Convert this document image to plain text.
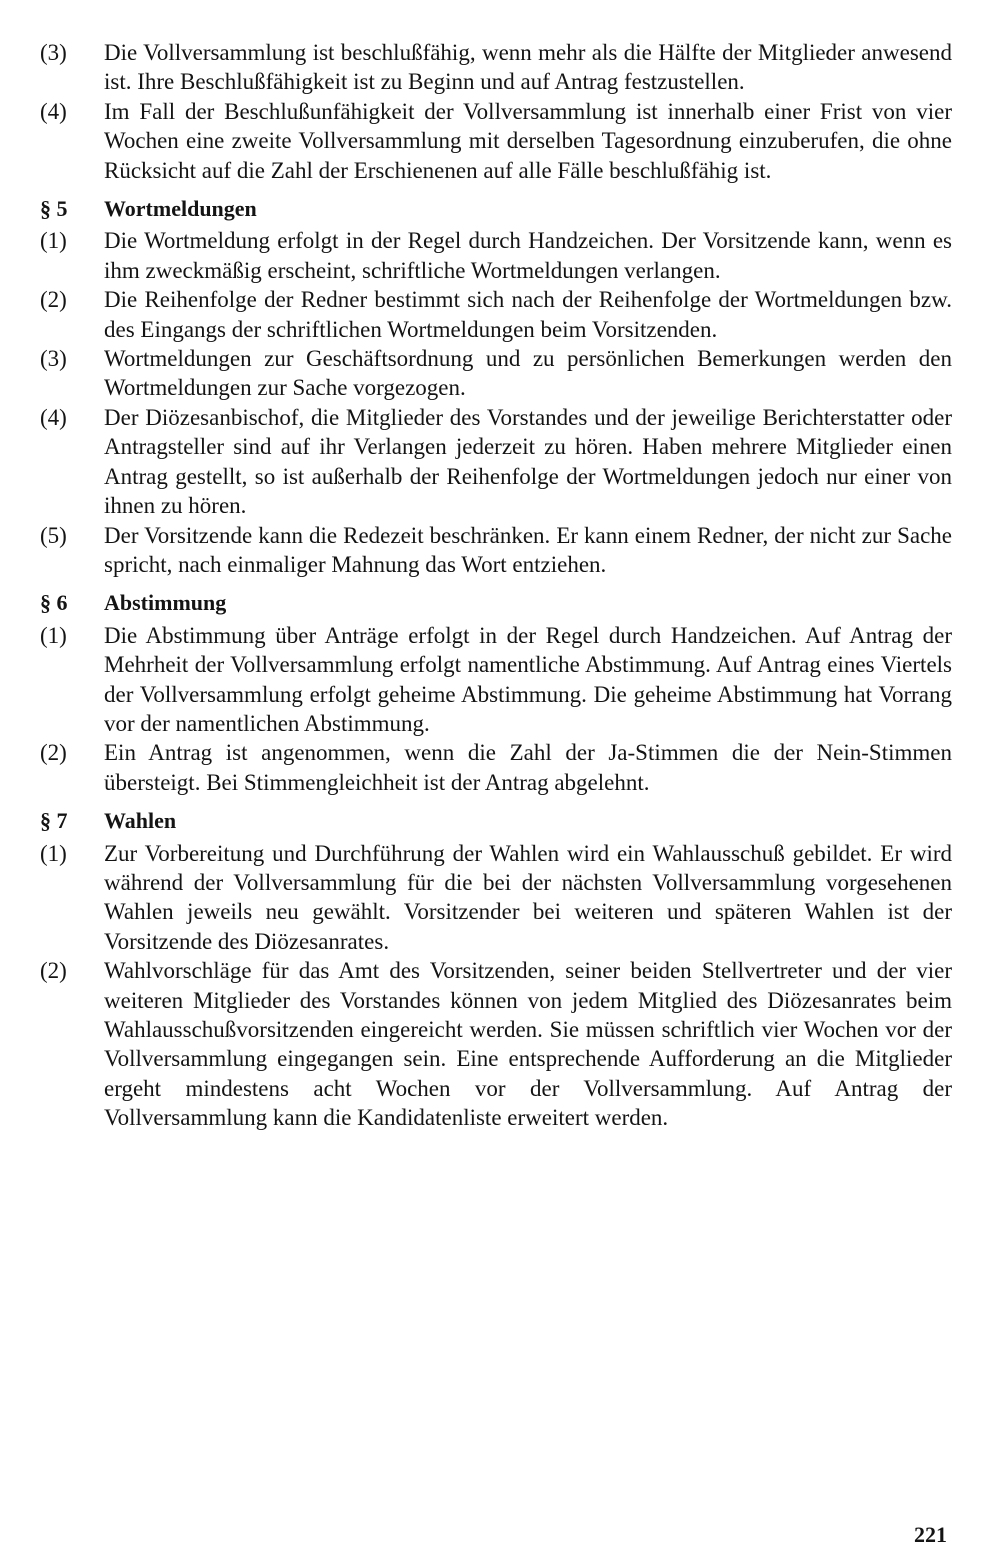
(3)	Die Vollversammlung ist beschlußfähig, wenn mehr als die Hälfte der Mitglieder anwesend ist. Ihre Beschlußfähigkeit ist zu Beginn und auf Antrag festzustellen.
(4)	Im Fall der Beschlußunfähigkeit der Vollversammlung ist innerhalb einer Frist von vier Wochen eine zweite Vollversammlung mit derselben Tagesordnung einzuberufen, die ohne Rücksicht auf die Zahl der Erschienenen auf alle Fälle beschlußfähig ist.
§ 5	Wortmeldungen
(1)	Die Wortmeldung erfolgt in der Regel durch Handzeichen. Der Vorsitzende kann, wenn es ihm zweckmäßig erscheint, schriftliche Wortmeldungen verlangen.
(2)	Die Reihenfolge der Redner bestimmt sich nach der Reihenfolge der Wortmeldungen bzw. des Eingangs der schriftlichen Wortmeldungen beim Vorsitzenden.
(3)	Wortmeldungen zur Geschäftsordnung und zu persönlichen Bemerkungen werden den Wortmeldungen zur Sache vorgezogen.
(4)	Der Diözesanbischof, die Mitglieder des Vorstandes und der jeweilige Berichterstatter oder Antragsteller sind auf ihr Verlangen jederzeit zu hören. Haben mehrere Mitglieder einen Antrag gestellt, so ist außerhalb der Reihenfolge der Wortmeldungen jedoch nur einer von ihnen zu hören.
(5)	Der Vorsitzende kann die Redezeit beschränken. Er kann einem Redner, der nicht zur Sache spricht, nach einmaliger Mahnung das Wort entziehen.
§ 6	Abstimmung
(1)	Die Abstimmung über Anträge erfolgt in der Regel durch Handzeichen. Auf Antrag der Mehrheit der Vollversammlung erfolgt namentliche Abstimmung. Auf Antrag eines Viertels der Vollversammlung erfolgt geheime Abstimmung. Die geheime Abstimmung hat Vorrang vor der namentlichen Abstimmung.
(2)	Ein Antrag ist angenommen, wenn die Zahl der Ja-Stimmen die der Nein-Stimmen übersteigt. Bei Stimmengleichheit ist der Antrag abgelehnt.
§ 7	Wahlen
(1)	Zur Vorbereitung und Durchführung der Wahlen wird ein Wahlausschuß gebildet. Er wird während der Vollversammlung für die bei der nächsten Vollversammlung vorgesehenen Wahlen jeweils neu gewählt. Vorsitzender bei weiteren und späteren Wahlen ist der Vorsitzende des Diözesanrates.
(2)	Wahlvorschläge für das Amt des Vorsitzenden, seiner beiden Stellvertreter und der vier weiteren Mitglieder des Vorstandes können von jedem Mitglied des Diözesanrates beim Wahlausschußvorsitzenden eingereicht werden. Sie müssen schriftlich vier Wochen vor der Vollversammlung eingegangen sein. Eine entsprechende Aufforderung an die Mitglieder ergeht mindestens acht Wochen vor der Vollversammlung. Auf Antrag der Vollversammlung kann die Kandidatenliste erweitert werden.
221
